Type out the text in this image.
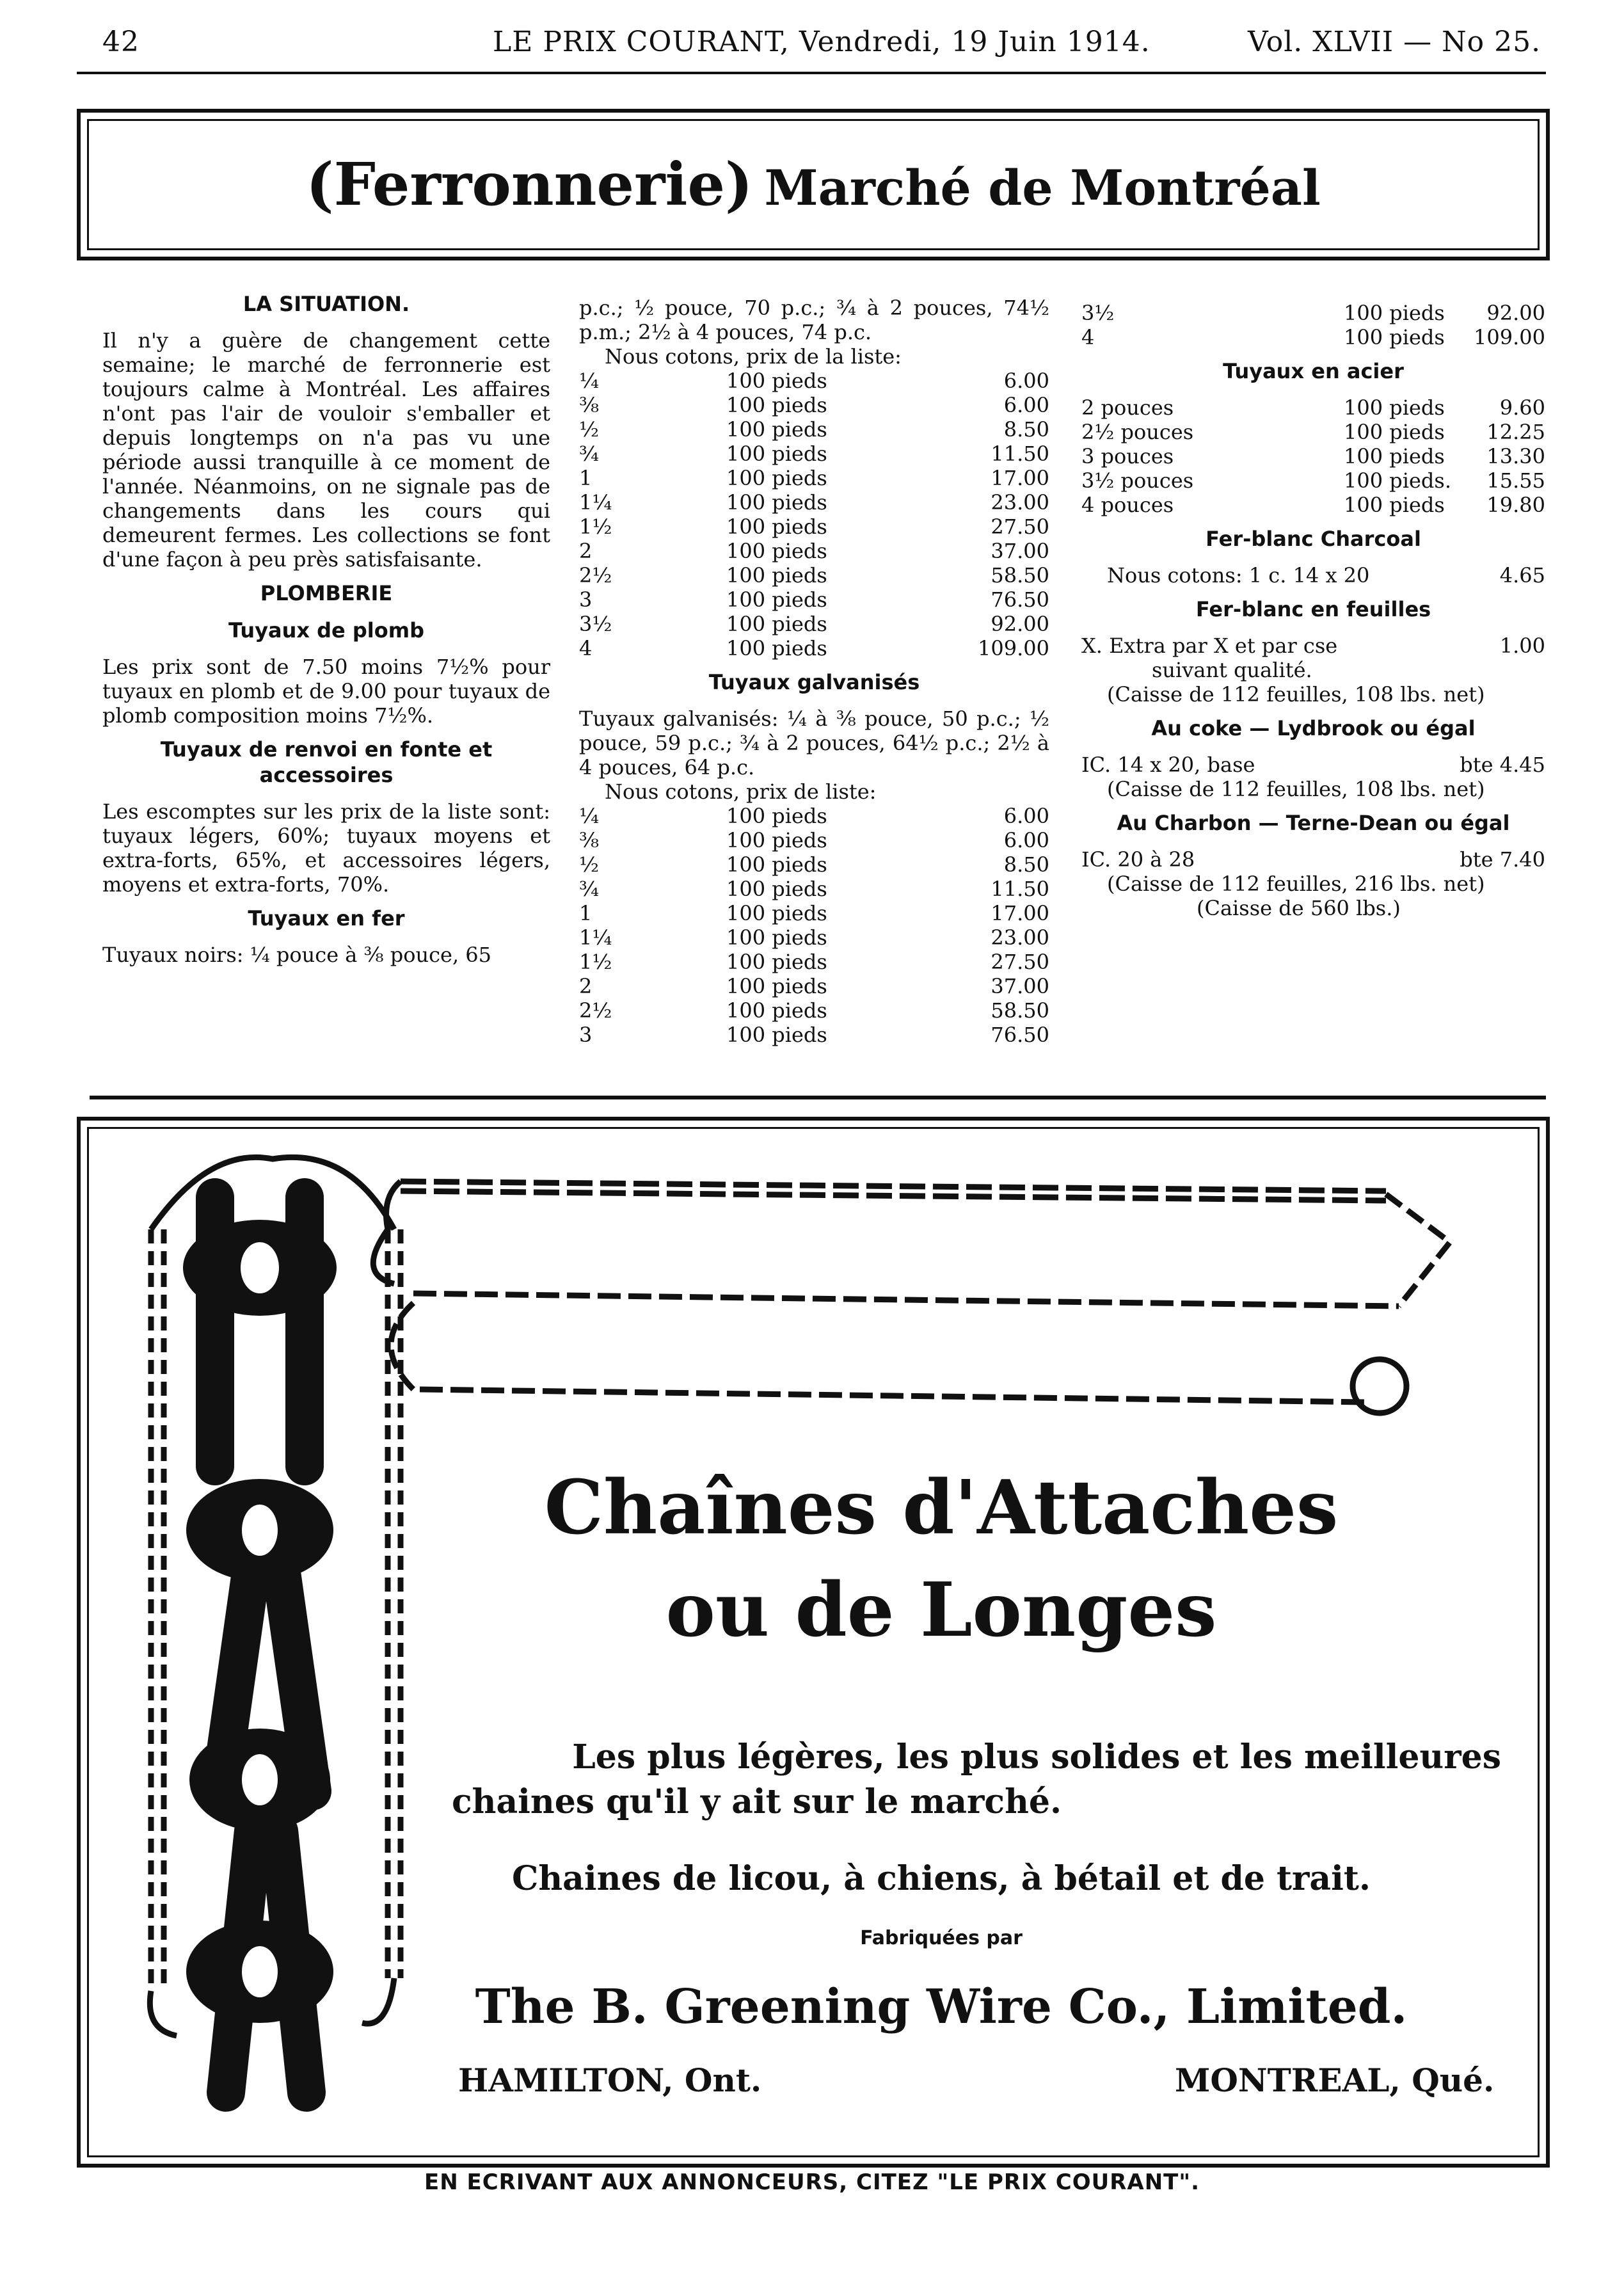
42	LE PRIX COURANT, Vendredi, 19 Juin 1914.	Vol. XLVII — No 25.
(Ferronnerie) Marché de Montréal
LA SITUATION.

Il n'y a guère de changement cette semaine; le marché de ferronnerie est toujours calme à Montréal. Les affaires n'ont pas l'air de vouloir s'emballer et depuis longtemps on n'a pas vu une période aussi tranquille à ce moment de l'année. Néanmoins, on ne signale pas de changements dans les cours qui demeurent fermes. Les collections se font d'une façon à peu près satisfaisante.

PLOMBERIE
Tuyaux de plomb

Les prix sont de 7.50 moins 7½% pour tuyaux en plomb et de 9.00 pour tuyaux de plomb composition moins 7½%.

Tuyaux de renvoi en fonte et accessoires

Les escomptes sur les prix de la liste sont: tuyaux légers, 60%; tuyaux moyens et extra-forts, 65%, et accessoires légers, moyens et extra-forts, 70%.

Tuyaux en fer

Tuyaux noirs: ¼ pouce à ⅜ pouce, 65

p.c.; ½ pouce, 70 p.c.; ¾ à 2 pouces, 74½ p.m.; 2½ à 4 pouces, 74 p.c.

Nous cotons, prix de la liste:
¼	100 pieds	6.00
⅜	100 pieds	6.00
½	100 pieds	8.50
¾	100 pieds	11.50
1	100 pieds	17.00
1¼	100 pieds	23.00
1½	100 pieds	27.50
2	100 pieds	37.00
2½	100 pieds	58.50
3	100 pieds	76.50
3½	100 pieds	92.00
4	100 pieds	109.00
Tuyaux galvanisés

Tuyaux galvanisés: ¼ à ⅜ pouce, 50 p.c.; ½ pouce, 59 p.c.; ¾ à 2 pouces, 64½ p.c.; 2½ à 4 pouces, 64 p.c.

Nous cotons, prix de liste:
¼	100 pieds	6.00
⅜	100 pieds	6.00
½	100 pieds	8.50
¾	100 pieds	11.50
1	100 pieds	17.00
1¼	100 pieds	23.00
1½	100 pieds	27.50
2	100 pieds	37.00
2½	100 pieds	58.50
3	100 pieds	76.50
3½	100 pieds	92.00
4	100 pieds	109.00
Tuyaux en acier
2 pouces	100 pieds	9.60
2½ pouces	100 pieds	12.25
3 pouces	100 pieds	13.30
3½ pouces	100 pieds.	15.55
4 pouces	100 pieds	19.80
Fer-blanc Charcoal
Nous cotons: 1 c. 14 x 20	4.65
Fer-blanc en feuilles
X. Extra par X et par cse	1.00
suivant qualité.
(Caisse de 112 feuilles, 108 lbs. net)
Au coke — Lydbrook ou égal
IC. 14 x 20, base	bte 4.45
(Caisse de 112 feuilles, 108 lbs. net)
Au Charbon — Terne-Dean ou égal
IC. 20 à 28	bte 7.40
(Caisse de 112 feuilles, 216 lbs. net)
(Caisse de 560 lbs.)
Chaînes d'Attaches
ou de Longes
Les plus légères, les plus solides et les meilleures
chaines qu'il y ait sur le marché.
Chaines de licou, à chiens, à bétail et de trait.
Fabriquées par
The B. Greening Wire Co., Limited.
HAMILTON, Ont.	MONTREAL, Qué.
EN ECRIVANT AUX ANNONCEURS, CITEZ "LE PRIX COURANT".
